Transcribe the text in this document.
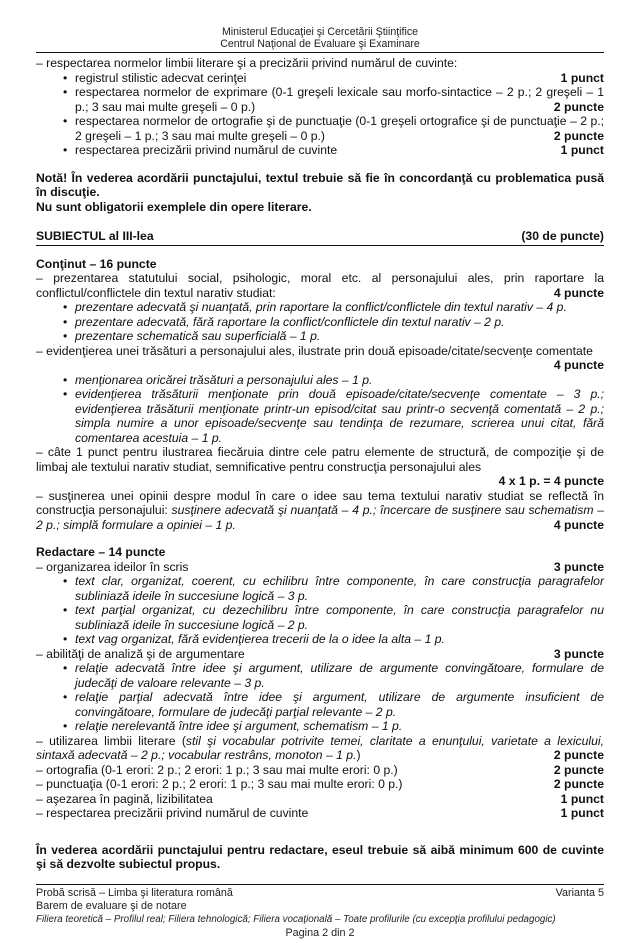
Ministerul Educaţiei şi Cercetării Ştiinţifice
Centrul Naţional de Evaluare şi Examinare
– respectarea normelor limbii literare şi a precizării privind numărul de cuvinte:
• registrul stilistic adecvat cerinţei	1 punct
• respectarea normelor de exprimare (0-1 greşeli lexicale sau morfo-sintactice – 2 p.; 2 greşeli – 1 p.; 3 sau mai multe greşeli – 0 p.)	2 puncte
• respectarea normelor de ortografie şi de punctuaţie (0-1 greşeli ortografice şi de punctuaţie – 2 p.; 2 greşeli – 1 p.; 3 sau mai multe greşeli – 0 p.)	2 puncte
• respectarea precizării privind numărul de cuvinte	1 punct
Notă! În vederea acordării punctajului, textul trebuie să fie în concordanţă cu problematica pusă în discuţie.
Nu sunt obligatorii exemplele din opere literare.
SUBIECTUL al III-lea	(30 de puncte)
Conţinut – 16 puncte
– prezentarea statutului social, psihologic, moral etc. al personajului ales, prin raportare la conflictul/conflictele din textul narativ studiat:	4 puncte
• prezentare adecvată şi nuanţată, prin raportare la conflict/conflictele din textul narativ – 4 p.
• prezentare adecvată, fără raportare la conflict/conflictele din textul narativ – 2 p.
• prezentare schematică sau superficială – 1 p.
– evidenţierea unei trăsături a personajului ales, ilustrate prin două episoade/citate/secvenţe comentate
4 puncte
• menţionarea oricărei trăsături a personajului ales – 1 p.
• evidenţierea trăsăturii menţionate prin două episoade/citate/secvenţe comentate – 3 p.; evidenţierea trăsăturii menţionate printr-un episod/citat sau printr-o secvenţă comentată – 2 p.; simpla numire a unor episoade/secvenţe sau tendinţa de rezumare, scrierea unui citat, fără comentarea acestuia – 1 p.
– câte 1 punct pentru ilustrarea fiecăruia dintre cele patru elemente de structură, de compoziţie şi de limbaj ale textului narativ studiat, semnificative pentru construcţia personajului ales
4 x 1 p. = 4 puncte
– susţinerea unei opinii despre modul în care o idee sau tema textului narativ studiat se reflectă în construcţia personajului: susţinere adecvată şi nuanţată – 4 p.; încercare de susţinere sau schematism – 2 p.; simplă formulare a opiniei – 1 p.	4 puncte
Redactare – 14 puncte
– organizarea ideilor în scris	3 puncte
• text clar, organizat, coerent, cu echilibru între componente, în care construcţia paragrafelor subliniază ideile în succesiune logică – 3 p.
• text parţial organizat, cu dezechilibru între componente, în care construcţia paragrafelor nu subliniază ideile în succesiune logică – 2 p.
• text vag organizat, fără evidenţierea trecerii de la o idee la alta – 1 p.
– abilităţi de analiză şi de argumentare	3 puncte
• relaţie adecvată între idee şi argument, utilizare de argumente convingătoare, formulare de judecăţi de valoare relevante – 3 p.
• relaţie parţial adecvată între idee şi argument, utilizare de argumente insuficient de convingătoare, formulare de judecăţi parţial relevante – 2 p.
• relaţie nerelevantă între idee şi argument, schematism – 1 p.
– utilizarea limbii literare (stil şi vocabular potrivite temei, claritate a enunţului, varietate a lexicului, sintaxă adecvată – 2 p.; vocabular restrâns, monoton – 1 p.)	2 puncte
– ortografia (0-1 erori: 2 p.; 2 erori: 1 p.; 3 sau mai multe erori: 0 p.)	2 puncte
– punctuaţia (0-1 erori: 2 p.; 2 erori: 1 p.; 3 sau mai multe erori: 0 p.)	2 puncte
– aşezarea în pagină, lizibilitatea	1 punct
– respectarea precizării privind numărul de cuvinte	1 punct
În vederea acordării punctajului pentru redactare, eseul trebuie să aibă minimum 600 de cuvinte şi să dezvolte subiectul propus.
Probă scrisă – Limba şi literatura română	Varianta 5
Barem de evaluare şi de notare
Filiera teoretică – Profilul real; Filiera tehnologică; Filiera vocaţională – Toate profilurile (cu excepţia profilului pedagogic)
Pagina 2 din 2
